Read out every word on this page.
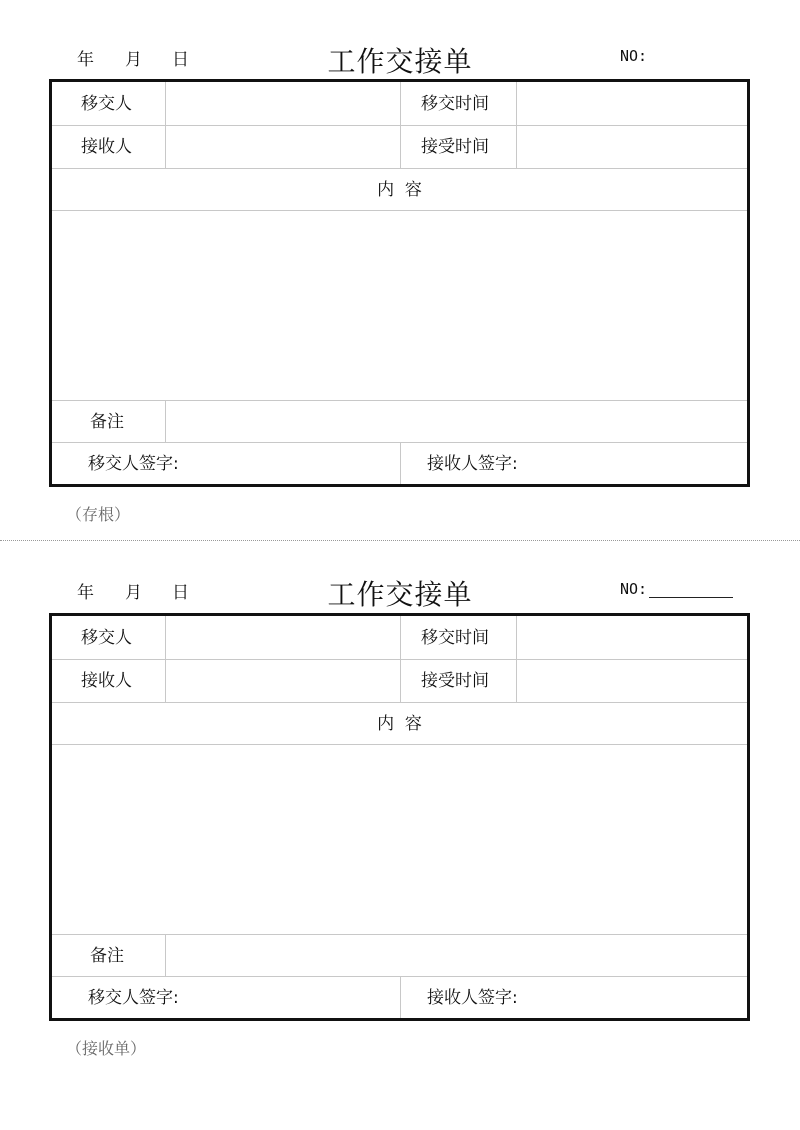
年 月 日	工作交接单	NO:
移交人	移交时间
接收人	接受时间
内  容
备注
移交人签字:	接收人签字:
（存根）
年 月 日	工作交接单	NO:
移交人	移交时间
接收人	接受时间
内  容
备注
移交人签字:	接收人签字:
（接收单）
